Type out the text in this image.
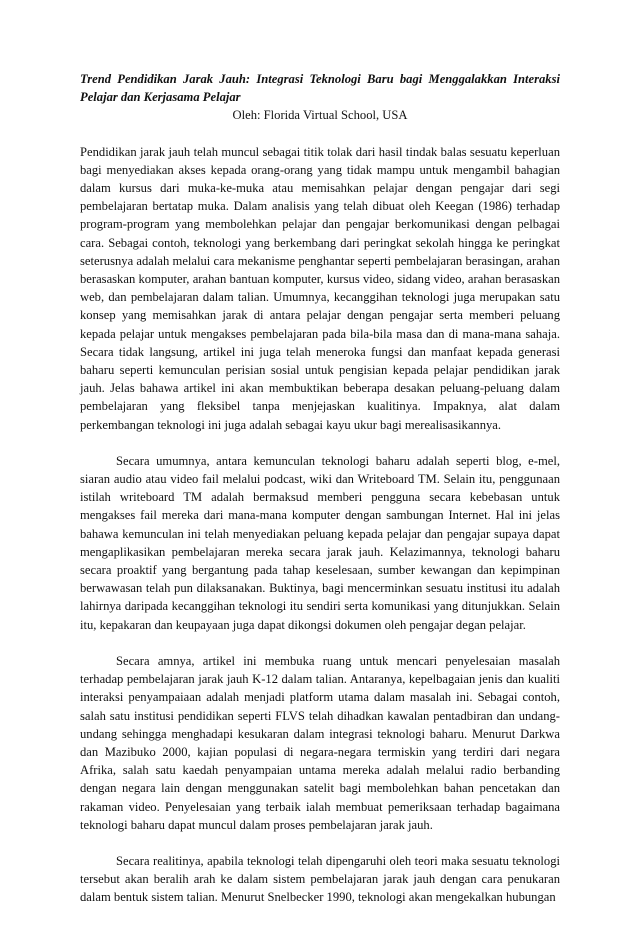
Trend Pendidikan Jarak Jauh: Integrasi Teknologi Baru bagi Menggalakkan Interaksi Pelajar dan Kerjasama Pelajar

Oleh: Florida Virtual School, USA

Pendidikan jarak jauh telah muncul sebagai titik tolak dari hasil tindak balas sesuatu keperluan bagi menyediakan akses kepada orang-orang yang tidak mampu untuk mengambil bahagian dalam kursus dari muka-ke-muka atau memisahkan pelajar dengan pengajar dari segi pembelajaran bertatap muka. Dalam analisis yang telah dibuat oleh Keegan (1986) terhadap program-program yang membolehkan pelajar dan pengajar berkomunikasi dengan pelbagai cara. Sebagai contoh, teknologi yang berkembang dari peringkat sekolah hingga ke peringkat seterusnya adalah melalui cara mekanisme penghantar seperti pembelajaran berasingan, arahan berasaskan komputer, arahan bantuan komputer, kursus video, sidang video, arahan berasaskan web, dan pembelajaran dalam talian. Umumnya, kecanggihan teknologi juga merupakan satu konsep yang memisahkan jarak di antara pelajar dengan pengajar serta memberi peluang kepada pelajar untuk mengakses pembelajaran pada bila-bila masa dan di mana-mana sahaja. Secara tidak langsung, artikel ini juga telah meneroka fungsi dan manfaat kepada generasi baharu seperti kemunculan perisian sosial untuk pengisian kepada pelajar pendidikan jarak jauh. Jelas bahawa artikel ini akan membuktikan beberapa desakan peluang-peluang dalam pembelajaran yang fleksibel tanpa menjejaskan kualitinya. Impaknya, alat dalam perkembangan teknologi ini juga adalah sebagai kayu ukur bagi merealisasikannya.

Secara umumnya, antara kemunculan teknologi baharu adalah seperti blog, e-mel, siaran audio atau video fail melalui podcast, wiki dan Writeboard TM. Selain itu, penggunaan istilah writeboard TM adalah bermaksud memberi pengguna secara kebebasan untuk mengakses fail mereka dari mana-mana komputer dengan sambungan Internet. Hal ini jelas bahawa kemunculan ini telah menyediakan peluang kepada pelajar dan pengajar supaya dapat mengaplikasikan pembelajaran mereka secara jarak jauh. Kelazimannya, teknologi baharu secara proaktif yang bergantung pada tahap keselesaan, sumber kewangan dan kepimpinan berwawasan telah pun dilaksanakan. Buktinya, bagi mencerminkan sesuatu institusi itu adalah lahirnya daripada kecanggihan teknologi itu sendiri serta komunikasi yang ditunjukkan. Selain itu, kepakaran dan keupayaan juga dapat dikongsi dokumen oleh pengajar degan pelajar.

Secara amnya, artikel ini membuka ruang untuk mencari penyelesaian masalah terhadap pembelajaran jarak jauh K-12 dalam talian. Antaranya, kepelbagaian jenis dan kualiti interaksi penyampaiaan adalah menjadi platform utama dalam masalah ini. Sebagai contoh, salah satu institusi pendidikan seperti FLVS telah dihadkan kawalan pentadbiran dan undang-undang sehingga menghadapi kesukaran dalam integrasi teknologi baharu. Menurut Darkwa dan Mazibuko 2000, kajian populasi di negara-negara termiskin yang terdiri dari negara Afrika, salah satu kaedah penyampaian untama mereka adalah melalui radio berbanding dengan negara lain dengan menggunakan satelit bagi membolehkan bahan pencetakan dan rakaman video. Penyelesaian yang terbaik ialah membuat pemeriksaan terhadap bagaimana teknologi baharu dapat muncul dalam proses pembelajaran jarak jauh.

Secara realitinya, apabila teknologi telah dipengaruhi oleh teori maka sesuatu teknologi tersebut akan beralih arah ke dalam sistem pembelajaran jarak jauh dengan cara penukaran dalam bentuk sistem talian. Menurut Snelbecker 1990, teknologi akan mengekalkan hubungan
